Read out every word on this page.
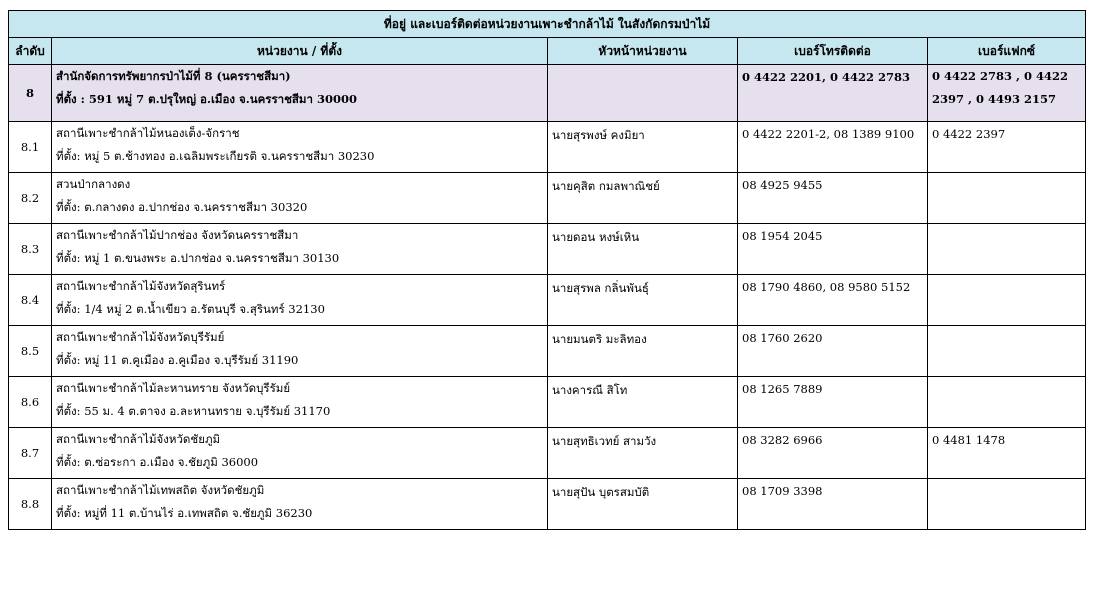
ที่อยู่ และเบอร์ติดต่อหน่วยงานเพาะชำกล้าไม้ ในสังกัดกรมป่าไม้				
ลำดับ	หน่วยงาน / ที่ตั้ง	หัวหน้าหน่วยงาน	เบอร์โทรติดต่อ	เบอร์แฟกซ์
8	สำนักจัดการทรัพยากรป่าไม้ที่ 8 (นครราชสีมา)
ที่ตั้ง : 591 หมู่ 7 ต.ปรุใหญ่ อ.เมือง จ.นครราชสีมา 30000		0 4422 2201, 0 4422 2783	0 4422 2783 , 0 4422
2397 , 0 4493 2157

8.1	สถานีเพาะชำกล้าไม้หนองเต็ง-จักราช
ที่ตั้ง: หมู่ 5 ต.ช้างทอง อ.เฉลิมพระเกียรติ จ.นครราชสีมา 30230	นายสุรพงษ์ คงมิยา	0 4422 2201-2, 08 1389 9100	0 4422 2397
8.2	สวนป่ากลางดง
ที่ตั้ง: ต.กลางดง อ.ปากช่อง จ.นครราชสีมา 30320	นายคุสิต กมลพาณิชย์	08 4925 9455	
8.3	สถานีเพาะชำกล้าไม้ปากช่อง จังหวัดนครราชสีมา
ที่ตั้ง: หมู่ 1 ต.ขนงพระ อ.ปากช่อง จ.นครราชสีมา 30130	นายดอน หงษ์เหิน	08 1954 2045	
8.4	สถานีเพาะชำกล้าไม้จังหวัดสุรินทร์
ที่ตั้ง: 1/4 หมู่ 2 ต.น้ำเขียว อ.รัตนบุรี จ.สุรินทร์ 32130	นายสุรพล กลิ่นพันธุ์	08 1790 4860, 08 9580 5152	
8.5	สถานีเพาะชำกล้าไม้จังหวัดบุรีรัมย์
ที่ตั้ง: หมู่ 11 ต.คูเมือง อ.คูเมือง จ.บุรีรัมย์ 31190	นายมนตริ มะลิทอง	08 1760 2620	
8.6	สถานีเพาะชำกล้าไม้ละหานทราย จังหวัดบุรีรัมย์
ที่ตั้ง: 55 ม. 4 ต.ตาจง อ.ละหานทราย จ.บุรีรัมย์ 31170	นางคารณี สิโท	08 1265 7889	
8.7	สถานีเพาะชำกล้าไม้จังหวัดชัยภูมิ
ที่ตั้ง: ต.ซ่อระกา อ.เมือง จ.ชัยภูมิ 36000	นายสุทธิเวทย์ สามวัง	08 3282 6966	0 4481 1478
8.8	สถานีเพาะชำกล้าไม้เทพสถิต จังหวัดชัยภูมิ
ที่ตั้ง: หมู่ที่ 11 ต.บ้านไร่ อ.เทพสถิต จ.ชัยภูมิ 36230	นายสุปัน บุตรสมบัติ	08 1709 3398	
